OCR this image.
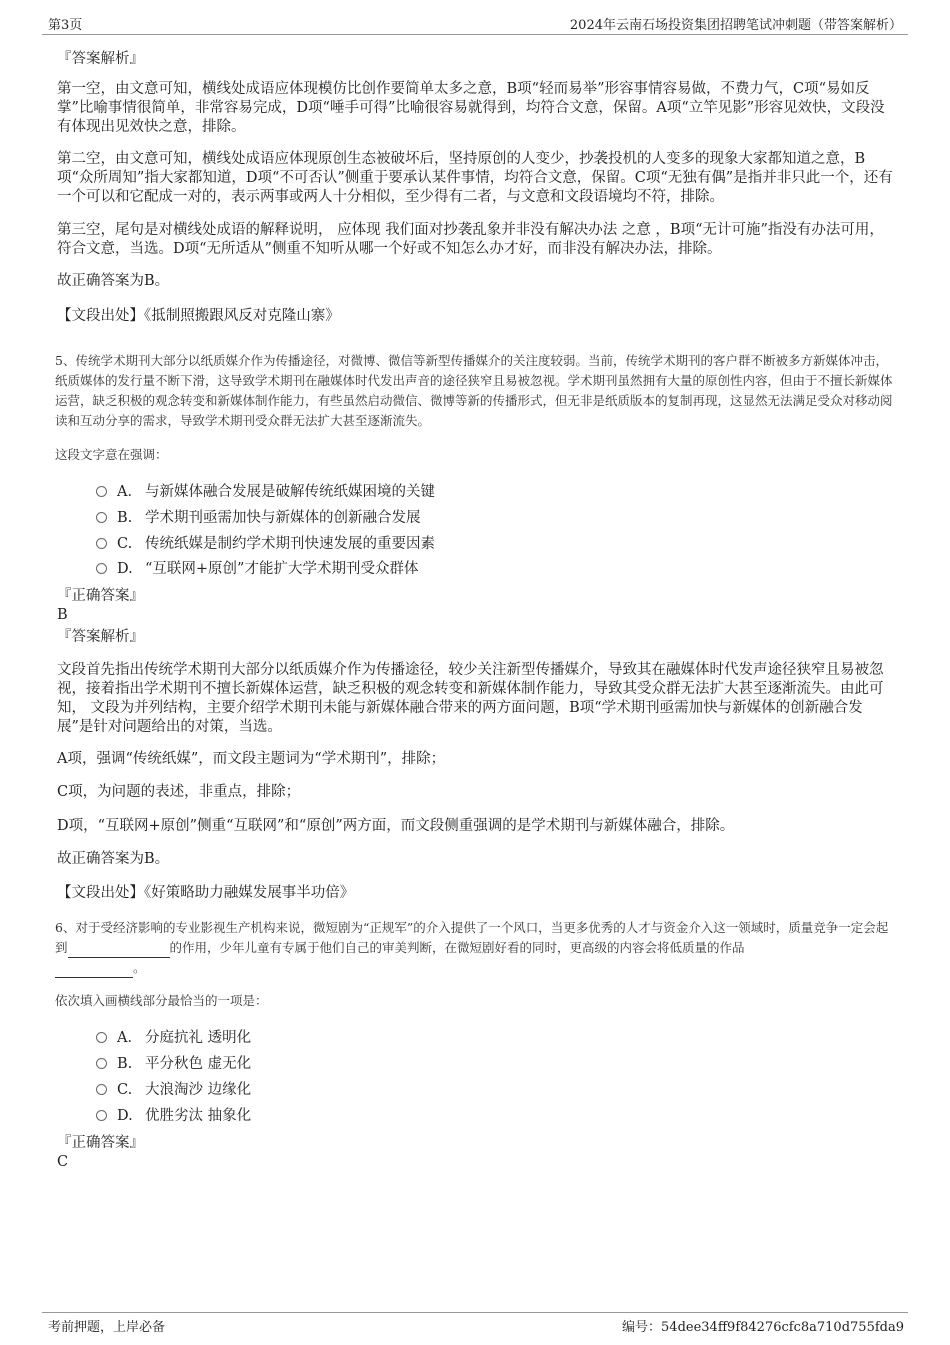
第3页	2024年云南石场投资集团招聘笔试冲刺题（带答案解析）
『答案解析』
第一空，由文意可知，横线处成语应体现模仿比创作要简单太多之意，B项“轻而易举”形容事情容易做，不费力气，C项“易如反掌”比喻事情很简单，非常容易完成，D项“唾手可得”比喻很容易就得到，均符合文意，保留。A项“立竿见影”形容见效快，文段没有体现出见效快之意，排除。
第二空，由文意可知，横线处成语应体现原创生态被破坏后，坚持原创的人变少，抄袭投机的人变多的现象大家都知道之意，B项“众所周知”指大家都知道，D项“不可否认”侧重于要承认某件事情，均符合文意，保留。C项“无独有偶”是指并非只此一个，还有一个可以和它配成一对的，表示两事或两人十分相似，至少得有二者，与文意和文段语境均不符，排除。
第三空，尾句是对横线处成语的解释说明， 应体现 我们面对抄袭乱象并非没有解决办法 之意 ，B项“无计可施”指没有办法可用，符合文意，当选。D项“无所适从”侧重不知听从哪一个好或不知怎么办才好，而非没有解决办法，排除。
故正确答案为B。
【文段出处】《抵制照搬跟风反对克隆山寨》
5、传统学术期刊大部分以纸质媒介作为传播途径，对微博、微信等新型传播媒介的关注度较弱。当前，传统学术期刊的客户群不断被多方新媒体冲击，纸质媒体的发行量不断下滑，这导致学术期刊在融媒体时代发出声音的途径狭窄且易被忽视。学术期刊虽然拥有大量的原创性内容，但由于不擅长新媒体运营，缺乏积极的观念转变和新媒体制作能力，有些虽然启动微信、微博等新的传播形式，但无非是纸质版本的复制再现，这显然无法满足受众对移动阅读和互动分享的需求，导致学术期刊受众群无法扩大甚至逐渐流失。
这段文字意在强调：
A． 与新媒体融合发展是破解传统纸媒困境的关键
B. 学术期刊亟需加快与新媒体的创新融合发展
C. 传统纸媒是制约学术期刊快速发展的重要因素
D. “互联网+原创”才能扩大学术期刊受众群体
『正确答案』
B
『答案解析』
文段首先指出传统学术期刊大部分以纸质媒介作为传播途径，较少关注新型传播媒介，导致其在融媒体时代发声途径狭窄且易被忽视，接着指出学术期刊不擅长新媒体运营，缺乏积极的观念转变和新媒体制作能力，导致其受众群无法扩大甚至逐渐流失。由此可知， 文段为并列结构，主要介绍学术期刊未能与新媒体融合带来的两方面问题，B项“学术期刊亟需加快与新媒体的创新融合发展”是针对问题给出的对策，当选。
A项，强调“传统纸媒”，而文段主题词为“学术期刊”，排除；
C项，为问题的表述，非重点，排除；
D项，“互联网+原创”侧重“互联网”和“原创”两方面，而文段侧重强调的是学术期刊与新媒体融合，排除。
故正确答案为B。
【文段出处】《好策略助力融媒发展事半功倍》
6、对于受经济影响的专业影视生产机构来说，微短剧为“正规军”的介入提供了一个风口，当更多优秀的人才与资金介入这一领域时，质量竞争一定会起到	的作用，少年儿童有专属于他们自己的审美判断，在微短剧好看的同时，更高级的内容会将低质量的作品
。
依次填入画横线部分最恰当的一项是：
A． 分庭抗礼 透明化
B. 平分秋色 虚无化
C. 大浪淘沙 边缘化
D. 优胜劣汰 抽象化
『正确答案』
C
考前押题，上岸必备	编号：54dee34ff9f84276cfc8a710d755fda9
